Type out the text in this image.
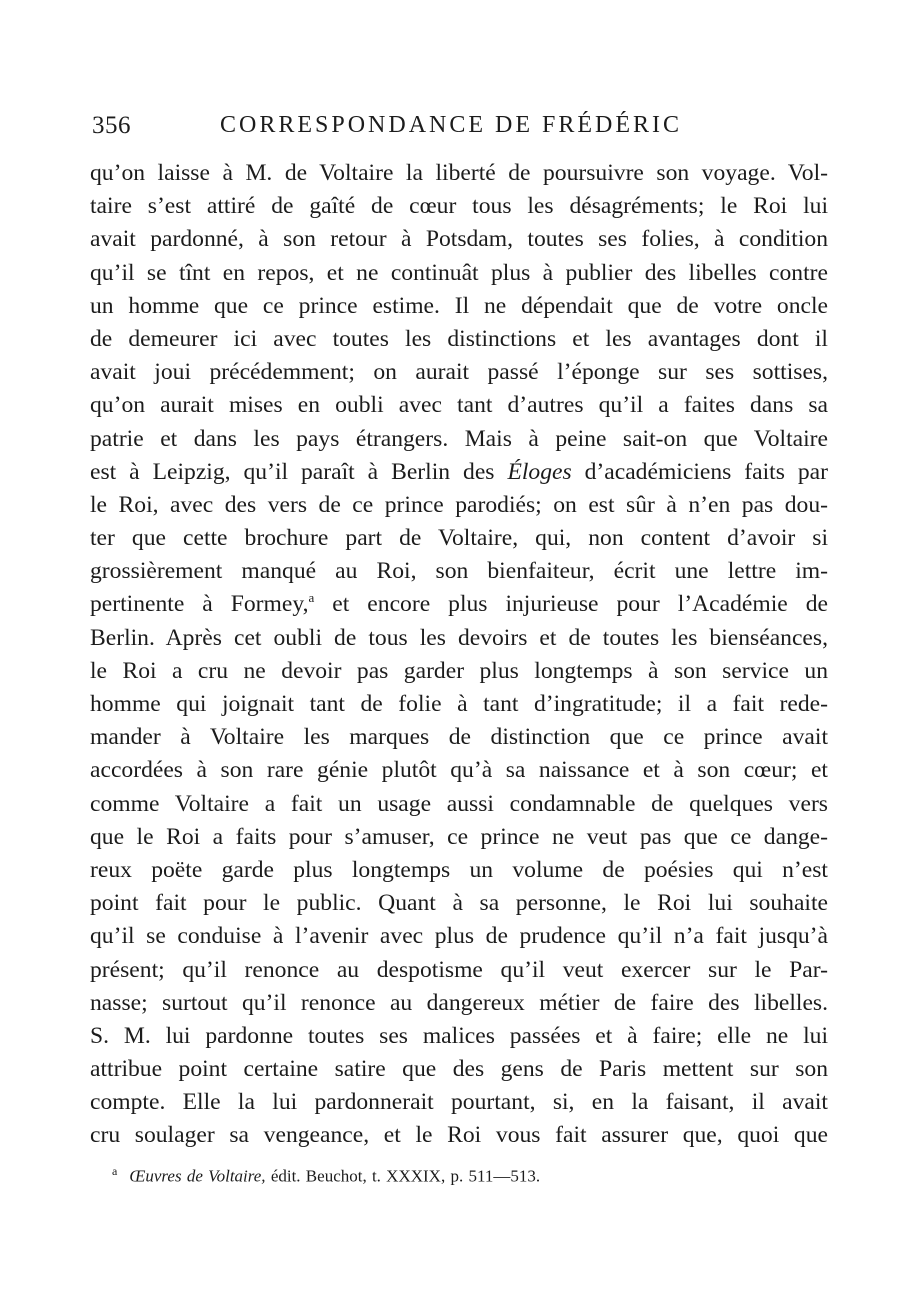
356	CORRESPONDANCE DE FRÉDÉRIC
qu’on laisse à M. de Voltaire la liberté de poursuivre son voyage. Vol-
taire s’est attiré de gaîté de cœur tous les désagréments; le Roi lui
avait pardonné, à son retour à Potsdam, toutes ses folies, à condition
qu’il se tînt en repos, et ne continuât plus à publier des libelles contre
un homme que ce prince estime. Il ne dépendait que de votre oncle
de demeurer ici avec toutes les distinctions et les avantages dont il
avait joui précédemment; on aurait passé l’éponge sur ses sottises,
qu’on aurait mises en oubli avec tant d’autres qu’il a faites dans sa
patrie et dans les pays étrangers. Mais à peine sait-on que Voltaire
est à Leipzig, qu’il paraît à Berlin des Éloges d’académiciens faits par
le Roi, avec des vers de ce prince parodiés; on est sûr à n’en pas dou-
ter que cette brochure part de Voltaire, qui, non content d’avoir si
grossièrement manqué au Roi, son bienfaiteur, écrit une lettre im-
pertinente à Formey,$^a$ et encore plus injurieuse pour l’Académie de
Berlin. Après cet oubli de tous les devoirs et de toutes les bienséances,
le Roi a cru ne devoir pas garder plus longtemps à son service un
homme qui joignait tant de folie à tant d’ingratitude; il a fait rede-
mander à Voltaire les marques de distinction que ce prince avait
accordées à son rare génie plutôt qu’à sa naissance et à son cœur; et
comme Voltaire a fait un usage aussi condamnable de quelques vers
que le Roi a faits pour s’amuser, ce prince ne veut pas que ce dange-
reux poëte garde plus longtemps un volume de poésies qui n’est
point fait pour le public. Quant à sa personne, le Roi lui souhaite
qu’il se conduise à l’avenir avec plus de prudence qu’il n’a fait jusqu’à
présent; qu’il renonce au despotisme qu’il veut exercer sur le Par-
nasse; surtout qu’il renonce au dangereux métier de faire des libelles.
S. M. lui pardonne toutes ses malices passées et à faire; elle ne lui
attribue point certaine satire que des gens de Paris mettent sur son
compte. Elle la lui pardonnerait pourtant, si, en la faisant, il avait
cru soulager sa vengeance, et le Roi vous fait assurer que, quoi que
$^a$ Œuvres de Voltaire, édit. Beuchot, t. XXXIX, p. 511—513.
